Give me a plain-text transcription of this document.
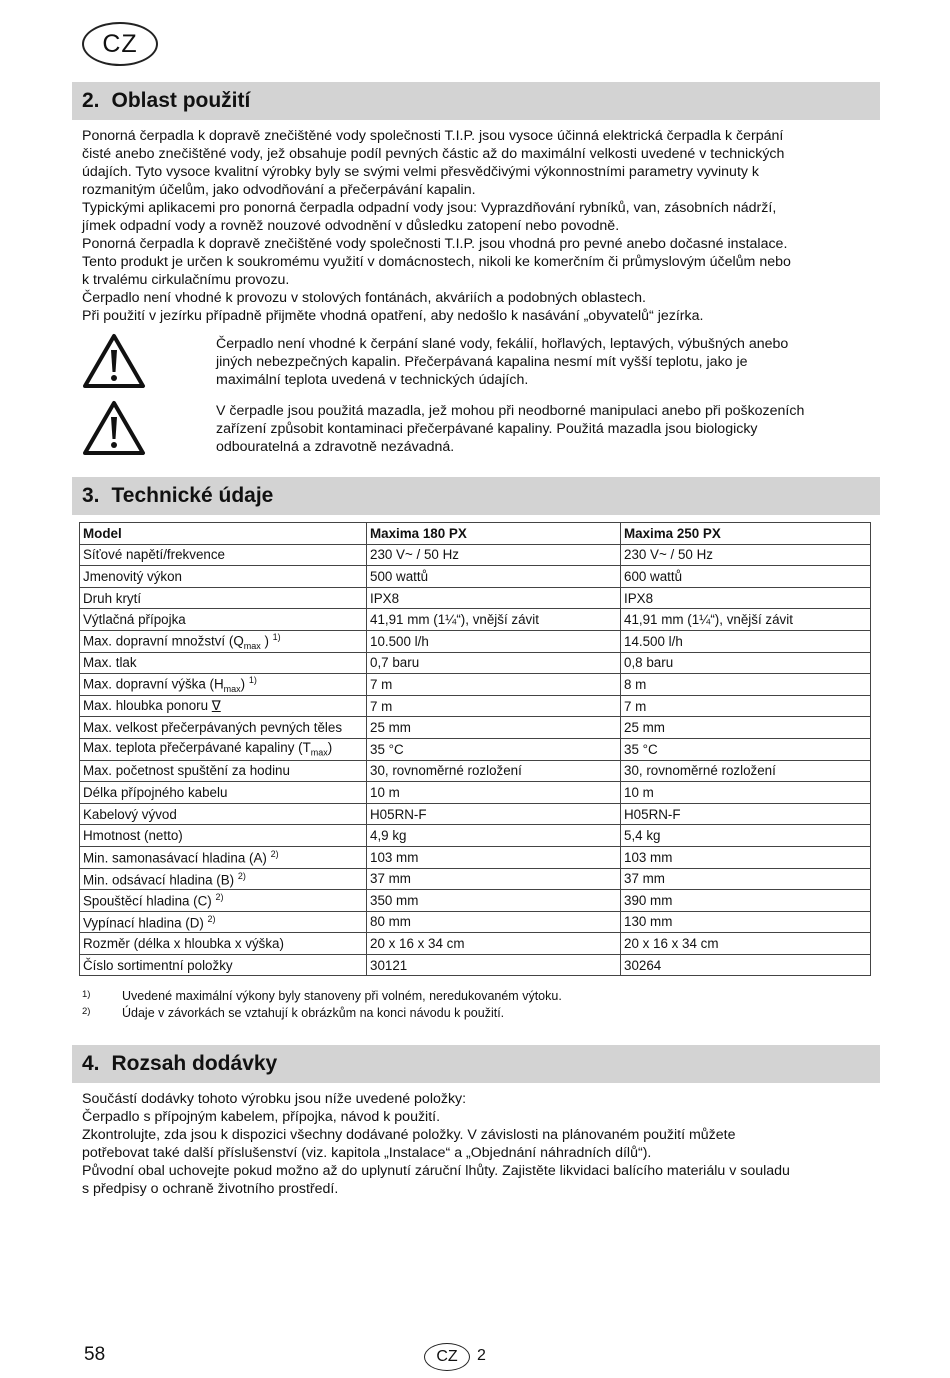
CZ
2. Oblast použití

Ponorná čerpadla k dopravě znečištěné vody společnosti T.I.P. jsou vysoce účinná elektrická čerpadla k čerpání

čisté anebo znečištěné vody, jež obsahuje podíl pevných částic až do maximální velkosti uvedené v technických

údajích. Tyto vysoce kvalitní výrobky byly se svými velmi přesvědčivými výkonnostními parametry vyvinuty k

rozmanitým účelům, jako odvodňování a přečerpávání kapalin.

Typickými aplikacemi pro ponorná čerpadla odpadní vody jsou: Vyprazdňování rybníků, van, zásobních nádrží,

jímek odpadní vody a rovněž nouzové odvodnění v důsledku zatopení nebo povodně.

Ponorná čerpadla k dopravě znečištěné vody společnosti T.I.P. jsou vhodná pro pevné anebo dočasné instalace.

Tento produkt je určen k soukromému využití v domácnostech, nikoli ke komerčním či průmyslovým účelům nebo

k trvalému cirkulačnímu provozu.

Čerpadlo není vhodné k provozu v stolových fontánách, akváriích a podobných oblastech.

Při použití v jezírku případně přijměte vhodná opatření, aby nedošlo k nasávání „obyvatelů“ jezírka.

Čerpadlo není vhodné k čerpání slané vody, fekálií, hořlavých, leptavých, výbušných anebo

jiných nebezpečných kapalin. Přečerpávaná kapalina nesmí mít vyšší teplotu, jako je

maximální teplota uvedená v technických údajích.

V čerpadle jsou použitá mazadla, jež mohou při neodborné manipulaci anebo při poškozeních

zařízení způsobit kontaminaci přečerpávané kapaliny. Použitá mazadla jsou biologicky

odbouratelná a zdravotně nezávadná.

3. Technické údaje
Model	Maxima 180 PX	Maxima 250 PX
Síťové napětí/frekvence	230 V~ / 50 Hz	230 V~ / 50 Hz
Jmenovitý výkon	500 wattů	600 wattů
Druh krytí	IPX8	IPX8
Výtlačná přípojka	41,91 mm (1¼“), vnější závit	41,91 mm (1¼“), vnější závit
Max. dopravní množství ($Q_{max}$ ) $^{1)}$	10.500 l/h	14.500 l/h
Max. tlak	0,7 baru	0,8 baru
Max. dopravní výška $(H_{max})$ $^{1)}$	7 m	8 m
Max. hloubka ponoru ∇	7 m	7 m
Max. velkost přečerpávaných pevných těles	25 mm	25 mm
Max. teplota přečerpávané kapaliny $(T_{max})$	35 °C	35 °C
Max. početnost spuštění za hodinu	30, rovnoměrné rozložení	30, rovnoměrné rozložení
Délka přípojného kabelu	10 m	10 m
Kabelový vývod	H05RN-F	H05RN-F
Hmotnost (netto)	4,9 kg	5,4 kg
Min. samonasávací hladina (A) $^{2)}$	103 mm	103 mm
Min. odsávací hladina (B) $^{2)}$	37 mm	37 mm
Spouštěcí hladina (C) $^{2)}$	350 mm	390 mm
Vypínací hladina (D) $^{2)}$	80 mm	130 mm
Rozměr (délka x hloubka x výška)	20 x 16 x 34 cm	20 x 16 x 34 cm
Číslo sortimentní položky	30121	30264
1)	Uvedené maximální výkony byly stanoveny při volném, neredukovaném výtoku.
2)	Údaje v závorkách se vztahují k obrázkům na konci návodu k použití.
4. Rozsah dodávky

Součástí dodávky tohoto výrobku jsou níže uvedené položky:

Čerpadlo s přípojným kabelem, přípojka, návod k použití.

Zkontrolujte, zda jsou k dispozici všechny dodávané položky. V závislosti na plánovaném použití můžete

potřebovat také další příslušenství (viz. kapitola „Instalace“ a „Objednání náhradních dílů“).

Původní obal uchovejte pokud možno až do uplynutí záruční lhůty. Zajistěte likvidaci balícího materiálu v souladu

s předpisy o ochraně životního prostředí.

58	CZ	2
